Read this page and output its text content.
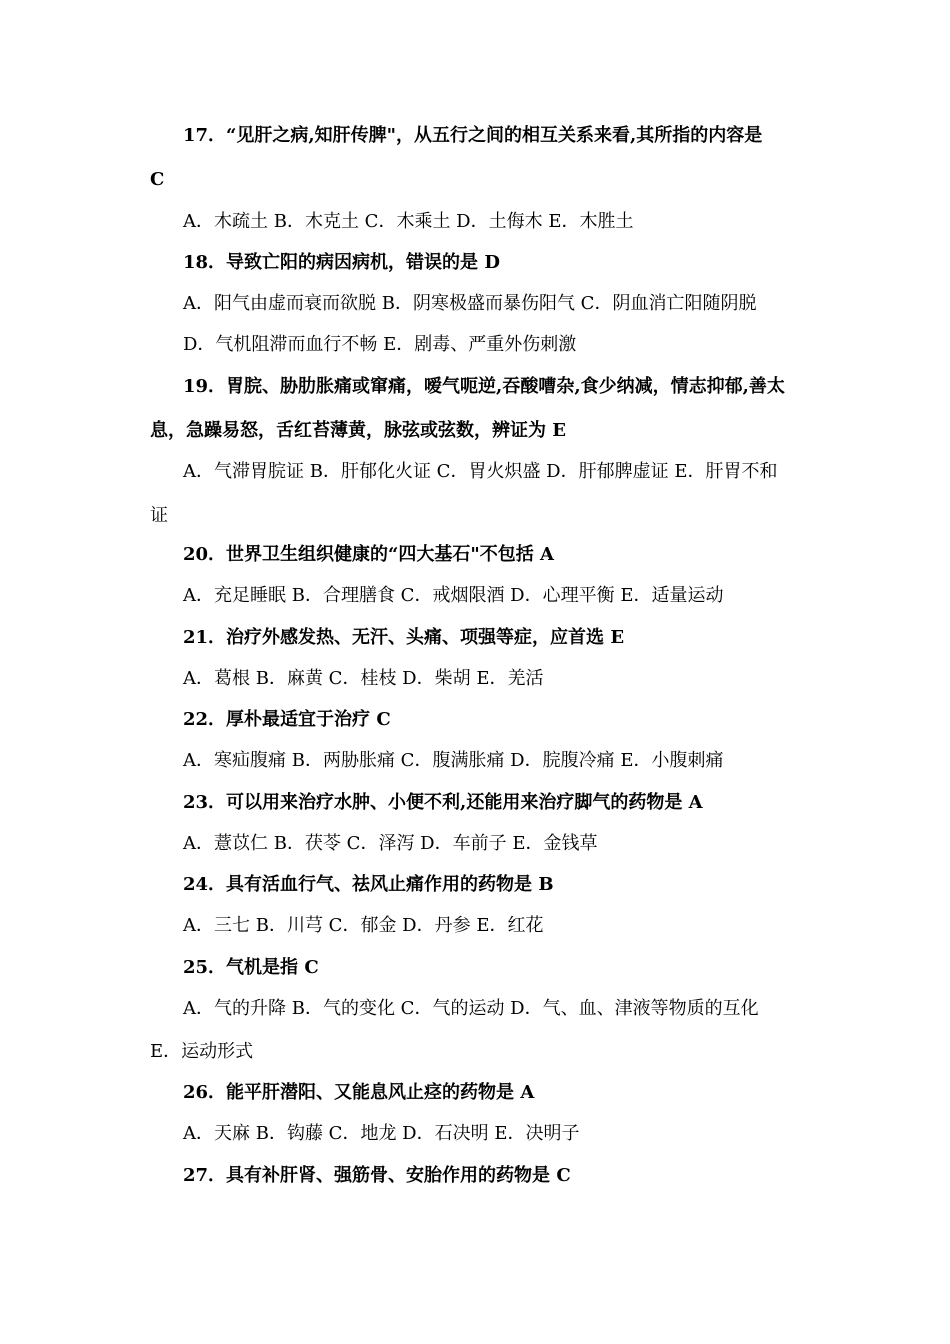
17．“见肝之病,知肝传脾"，从五行之间的相互关系来看,其所指的内容是
C
A．木疏土 B．木克土 C．木乘土 D．土侮木 E．木胜土
18．导致亡阳的病因病机，错误的是 D
A．阳气由虚而衰而欲脱 B．阴寒极盛而暴伤阳气 C．阴血消亡阳随阴脱
D．气机阻滞而血行不畅 E．剧毒、严重外伤刺激
19．胃脘、胁肋胀痛或窜痛，嗳气呃逆,吞酸嘈杂,食少纳减，情志抑郁,善太
息，急躁易怒，舌红苔薄黄，脉弦或弦数，辨证为 E
A．气滞胃脘证 B．肝郁化火证 C．胃火炽盛 D．肝郁脾虚证 E．肝胃不和
证
20．世界卫生组织健康的“四大基石"不包括 A
A．充足睡眠 B．合理膳食 C．戒烟限酒 D．心理平衡 E．适量运动
21．治疗外感发热、无汗、头痛、项强等症，应首选 E
A．葛根 B．麻黄 C．桂枝 D．柴胡 E．羌活
22．厚朴最适宜于治疗 C
A．寒疝腹痛 B．两胁胀痛 C．腹满胀痛 D．脘腹冷痛 E．小腹刺痛
23．可以用来治疗水肿、小便不利,还能用来治疗脚气的药物是 A
A．薏苡仁 B．茯苓 C．泽泻 D．车前子 E．金钱草
24．具有活血行气、祛风止痛作用的药物是 B
A．三七 B．川芎 C．郁金 D．丹参 E．红花
25．气机是指 C
A．气的升降 B．气的变化 C．气的运动 D．气、血、津液等物质的互化
E．运动形式
26．能平肝潜阳、又能息风止痉的药物是 A
A．天麻 B．钩藤 C．地龙 D．石决明 E．决明子
27．具有补肝肾、强筋骨、安胎作用的药物是 C
